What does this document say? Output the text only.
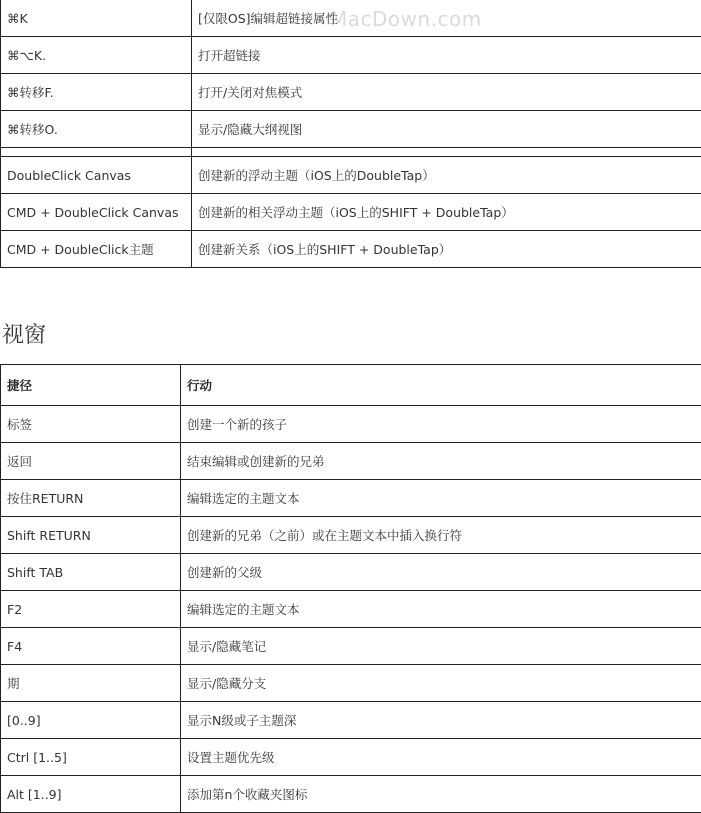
⌘K	[仅限OS]编辑超链接属性
⌘⌥K.	打开超链接
⌘转移F.	打开/关闭对焦模式
⌘转移O.	显示/隐藏大纲视图

DoubleClick Canvas	创建新的浮动主题（iOS上的DoubleTap）
CMD + DoubleClick Canvas	创建新的相关浮动主题（iOS上的SHIFT + DoubleTap）
CMD + DoubleClick主题	创建新关系（iOS上的SHIFT + DoubleTap）
MacDown.com
视窗
捷径	行动
标签	创建一个新的孩子
返回	结束编辑或创建新的兄弟
按住RETURN	编辑选定的主题文本
Shift RETURN	创建新的兄弟（之前）或在主题文本中插入换行符
Shift TAB	创建新的父级
F2	编辑选定的主题文本
F4	显示/隐藏笔记
期	显示/隐藏分支
[0..9]	显示N级或子主题深
Ctrl [1..5]	设置主题优先级
Alt [1..9]	添加第n个收藏夹图标
